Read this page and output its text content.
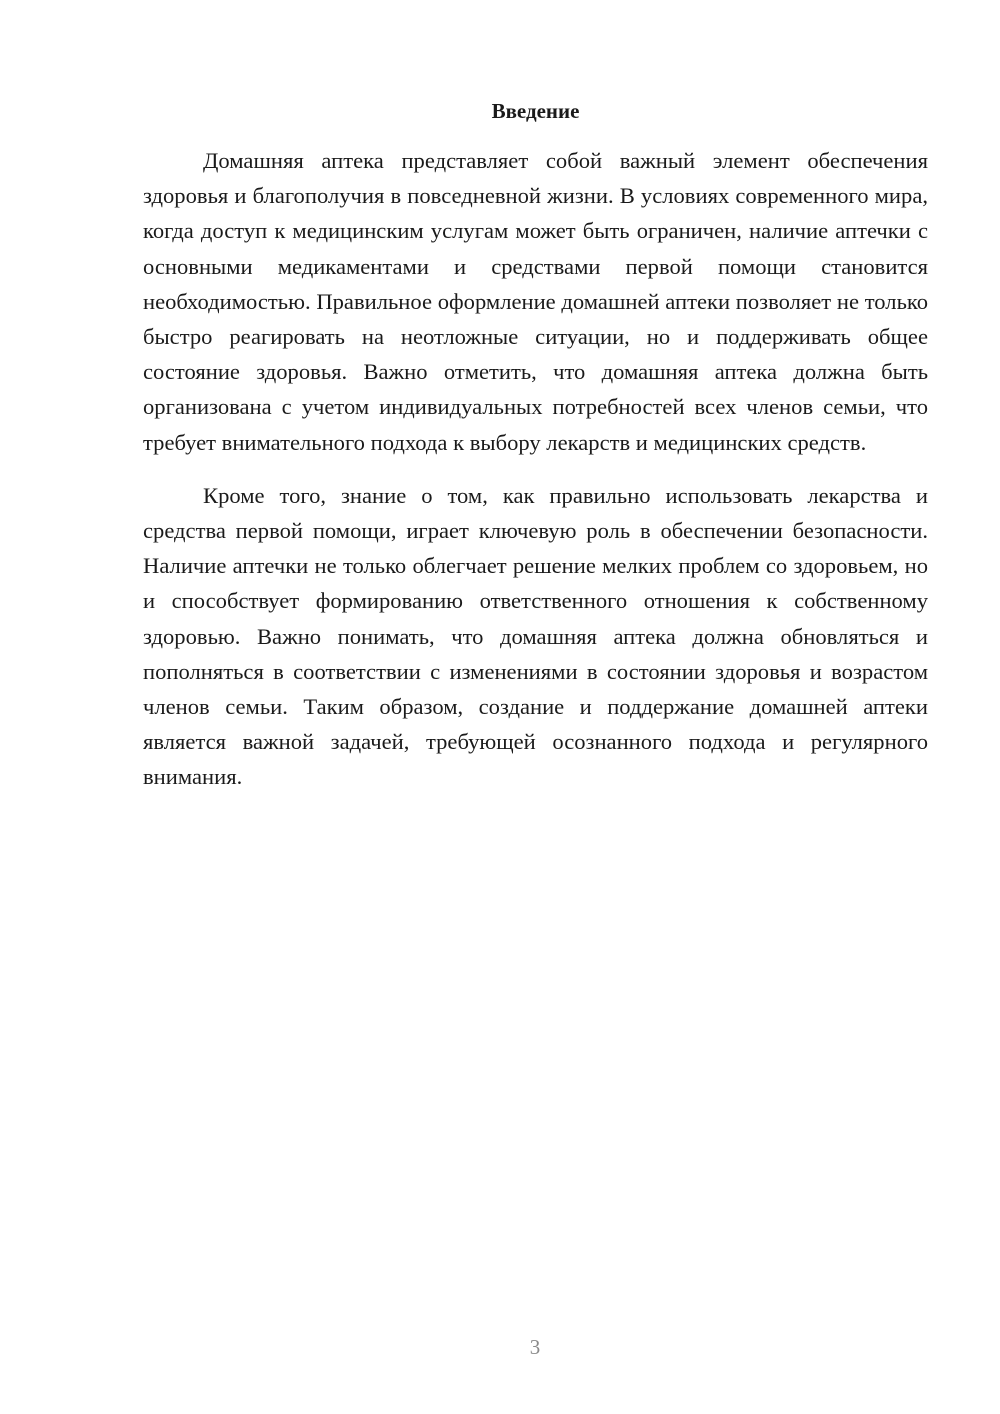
Введение

Домашняя аптека представляет собой важный элемент обеспечения здоровья и благополучия в повседневной жизни. В условиях современного мира, когда доступ к медицинским услугам может быть ограничен, наличие аптечки с основными медикаментами и средствами первой помощи становится необходимостью. Правильное оформление домашней аптеки позволяет не только быстро реагировать на неотложные ситуации, но и поддерживать общее состояние здоровья. Важно отметить, что домашняя аптека должна быть организована с учетом индивидуальных потребностей всех членов семьи, что требует внимательного подхода к выбору лекарств и медицинских средств.

Кроме того, знание о том, как правильно использовать лекарства и средства первой помощи, играет ключевую роль в обеспечении безопасности. Наличие аптечки не только облегчает решение мелких проблем со здоровьем, но и способствует формированию ответственного отношения к собственному здоровью. Важно понимать, что домашняя аптека должна обновляться и пополняться в соответствии с изменениями в состоянии здоровья и возрастом членов семьи. Таким образом, создание и поддержание домашней аптеки является важной задачей, требующей осознанного подхода и регулярного внимания.

3
